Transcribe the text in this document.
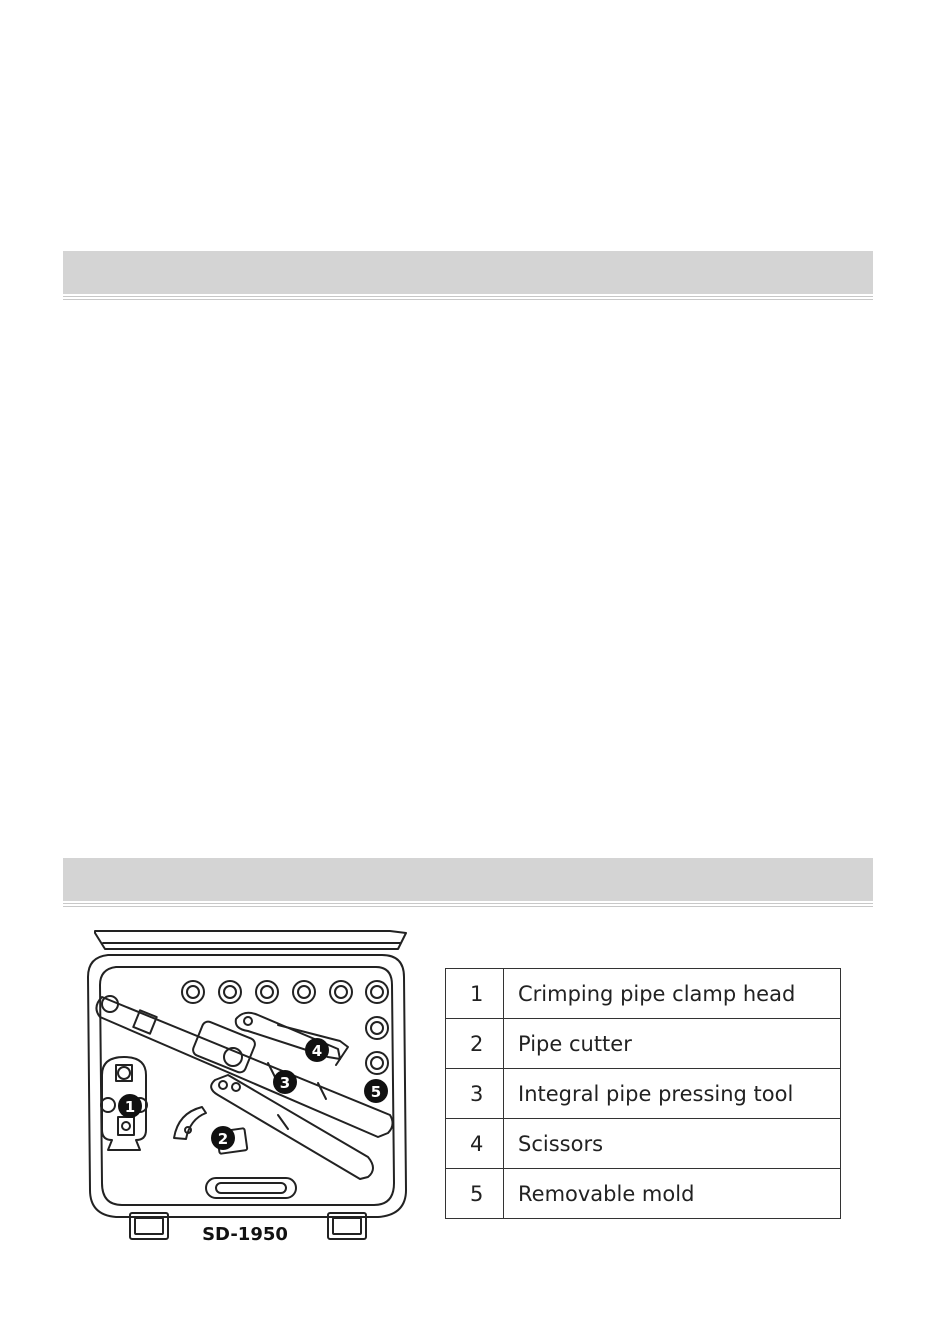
1
2
3
4
5
SD-1950
1	Crimping pipe clamp head
2	Pipe cutter
3	Integral pipe pressing tool
4	Scissors
5	Removable mold
